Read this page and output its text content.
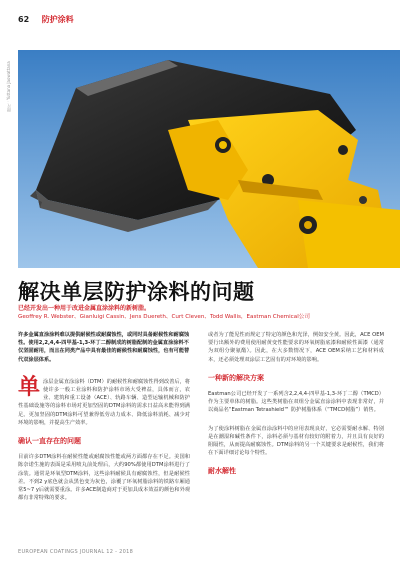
62 防护涂料
照片：Yuttana Jaowattana
解决单层防护涂料的问题
已经开发出一种用于改进金属直涂涂料的新树脂。
Geoffrey R. Webster、Gianluigi Cassin、Jens Duereth、Curt Cleven、Todd Wallis，Eastman Chemical公司

许多金属直涂涂料难以提供耐候性或耐腐蚀性，或同时具备耐候性和耐腐蚀性。使用2,2,4,4-四甲基-1,3-环丁二醇制成的树脂配制的金属直涂涂料不仅坚固耐用，而且在同类产品中具有最佳的耐候性和耐腐蚀性，也有可能替代双涂层体系。

单 涂层金属直涂涂料（DTM）的耐候性和耐腐蚀性得到改善后，将使许多一般工业涂料和防护涂料市场大受裨益，具体而言，农业、建筑和重工设备（ACE）、轨路车辆、造型运输机械和防护性基础设施等的涂料市场对更加坚固的DTM涂料的需求日益高未能得到满足。更加坚固的DTM涂料可望兼得低劳动力成本、降低涂料消耗、减少对环境的影响，并提高生产效率。

确认一直存在的问题

目前许多DTM涂料在耐候性能或耐腐蚀性能或两方面都存在不足。美国和陈奈诺生施的表面是采用喷丸前处理后，大约90%都使用DTM涂料进行了涂装。通常是环氧型DTM涂料，这些涂料耐候具有耐腐蚀性，但是耐候性差。不到2 y底色就会从黑色变为灰色，涂覆了环氧树脂涂料的铁路车厢通常5~7 y后就需要重涂。许多ACE制造商对于更加具成本效益的颜色和外观都有非常特殊的要求。

或者为了能见性而规定了特定的颜色和光泽，例如安全黄。因此，ACE OEM要行出额外的费用使用耐黄变性能要求的环氧树脂底漆和耐候性面漆（通常为双组分聚氨酯）。因此，在大多数情况下，ACE OEM采纳工艺和材料成本，还必须处理双涂层工艺固有的对环境的影响。

一种新的解决方案

Eastman公司已经开发了一系列含2,2,4,4-四甲基-1,3-环丁二醇（TMCD）作为主要单体的树脂。这些类树脂在双组分金属直涂涂料中表现非常好，并以商品名“Eastman Tetrashield™ 防护树脂体系（“TMCD树脂”）销售。

为了使涂料树脂在金属直涂涂料中的应用表现良好，它必需要耐水解、特别是在潮湿和碱性条件下，涂料必须与基材有较好的附着力，并且具有良好的阻隔性，从而提高耐腐蚀性。DTM涂料的另一个关键要求是耐候性，我们将在下面详细讨论每个特性。

耐水解性
EUROPEAN COATINGS JOURNAL 12 - 2018
